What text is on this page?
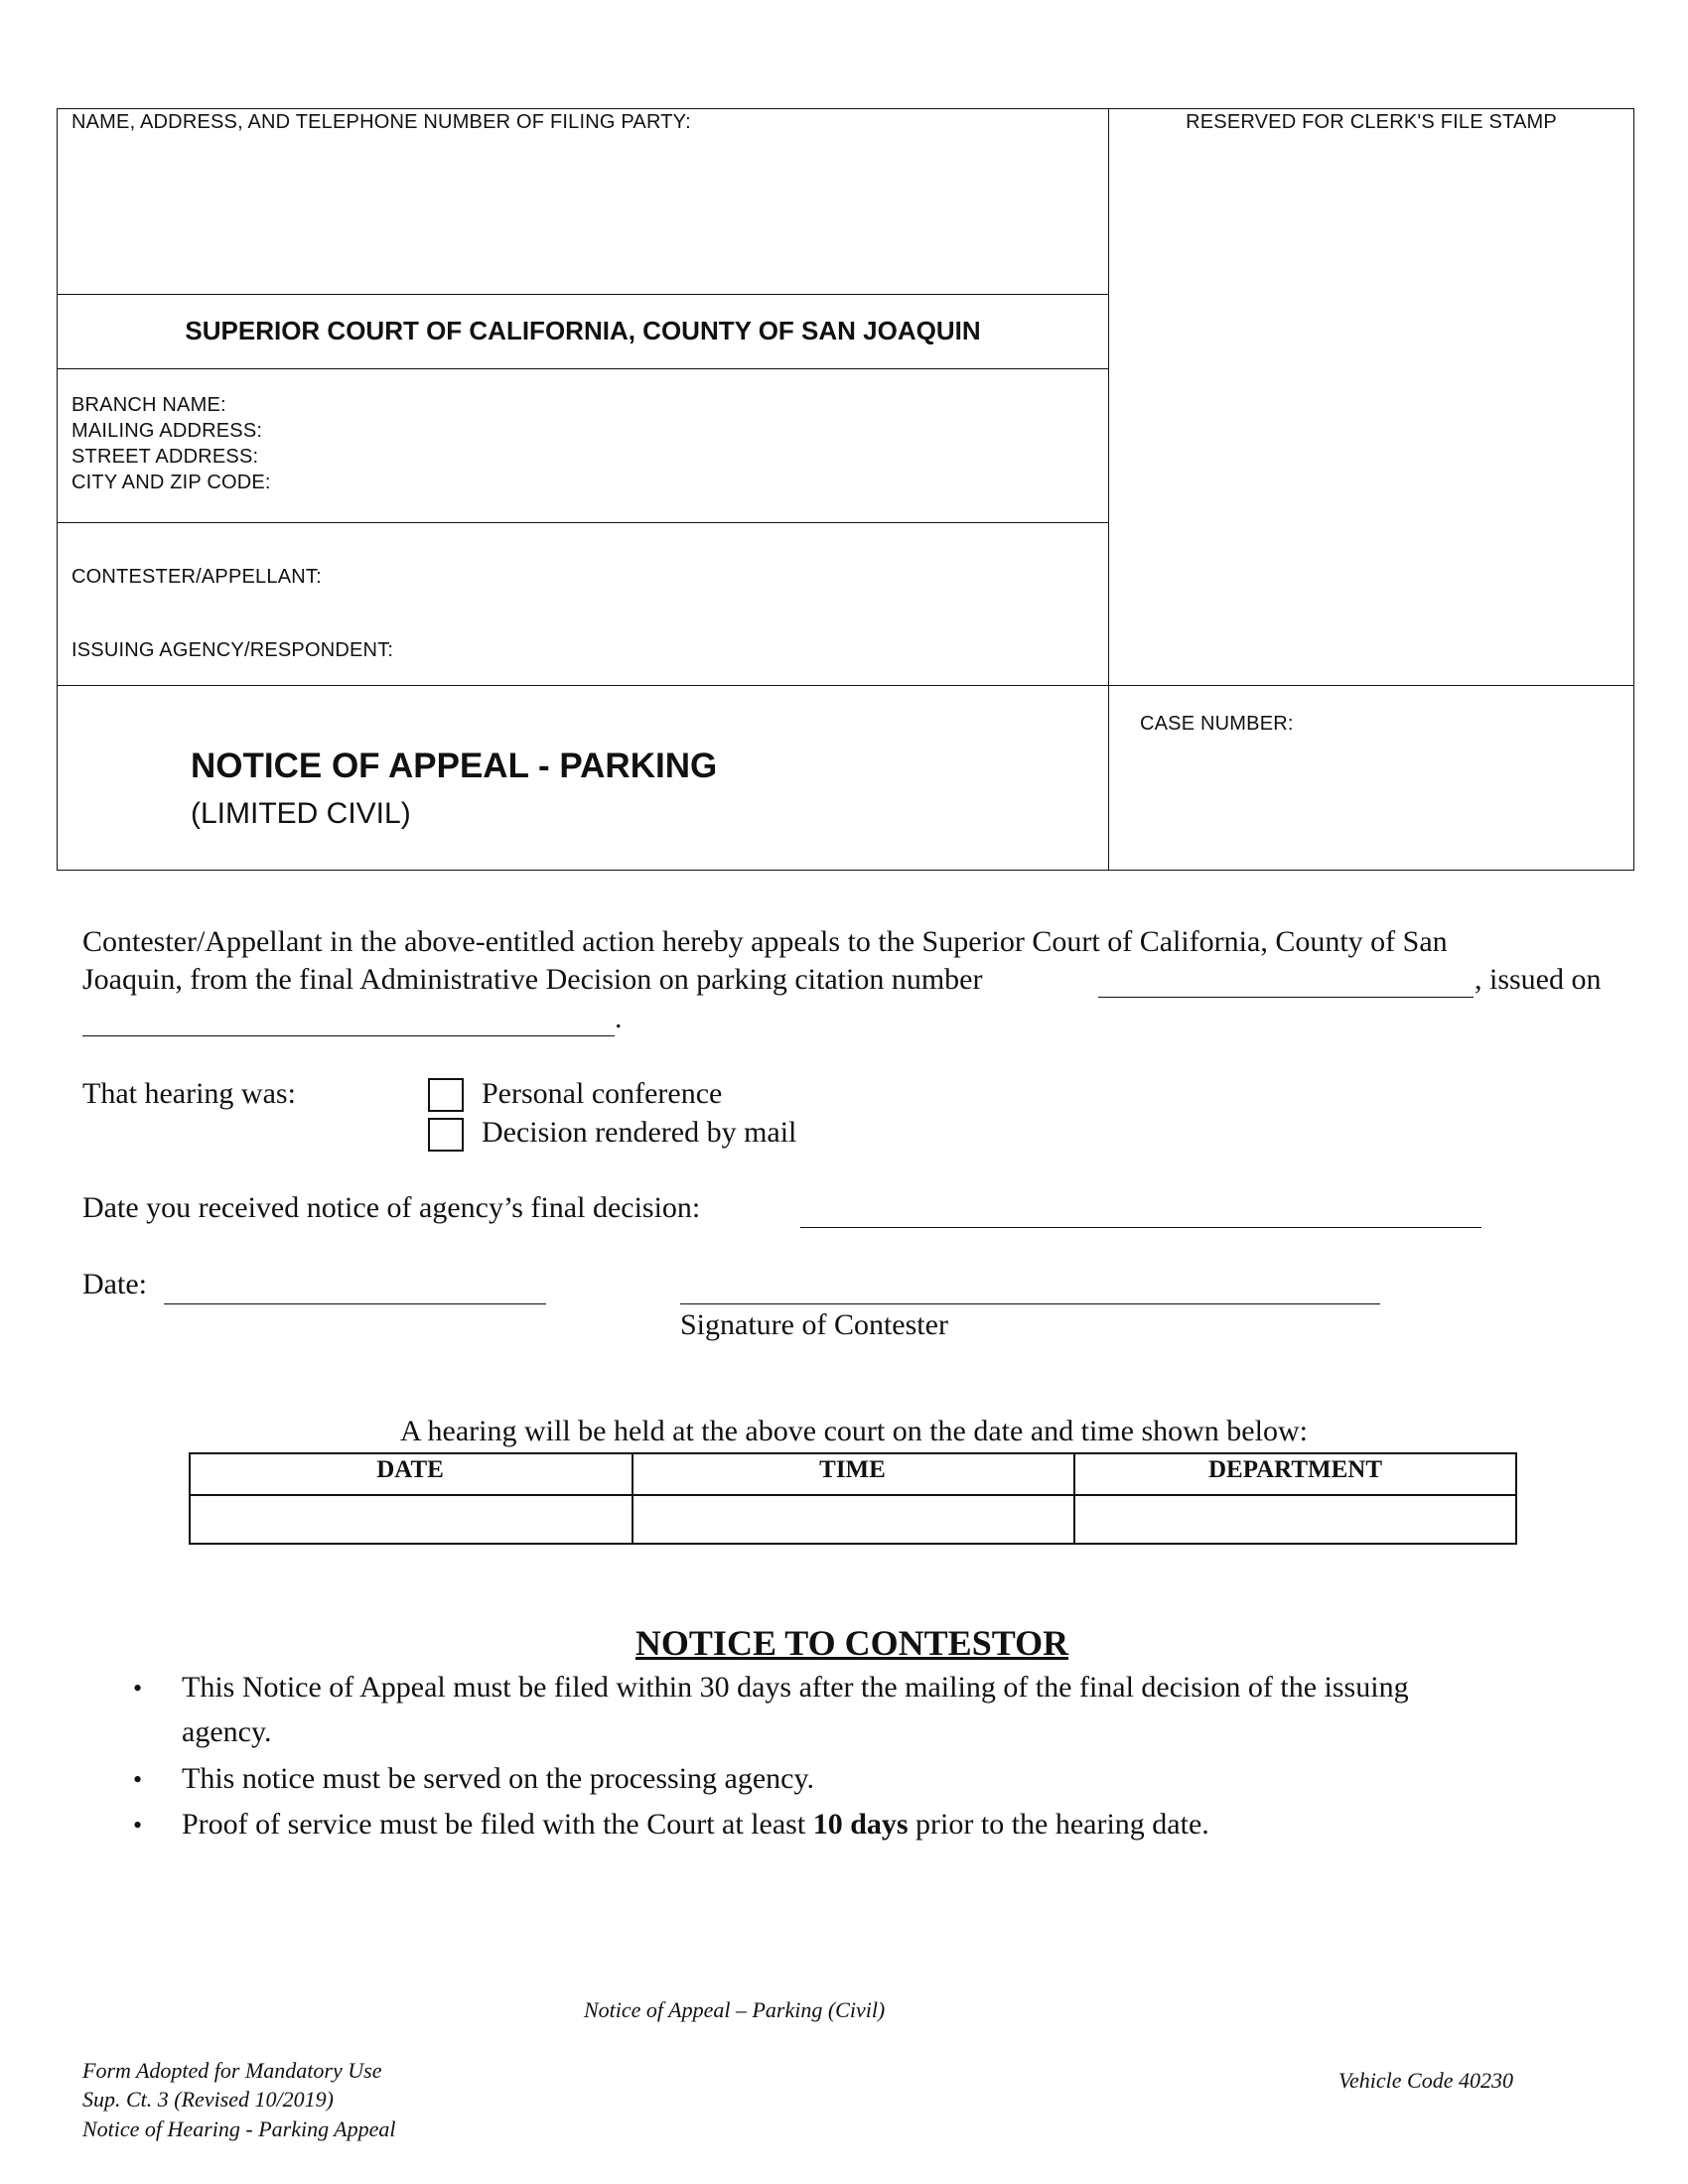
NAME, ADDRESS, AND TELEPHONE NUMBER OF FILING PARTY:	RESERVED FOR CLERK'S FILE STAMP
SUPERIOR COURT OF CALIFORNIA, COUNTY OF SAN JOAQUIN
BRANCH NAME:
MAILING ADDRESS:
STREET ADDRESS:
CITY AND ZIP CODE:
CONTESTER/APPELLANT:
ISSUING AGENCY/RESPONDENT:
NOTICE OF APPEAL - PARKING
(LIMITED CIVIL)
CASE NUMBER:
Contester/Appellant in the above-entitled action hereby appeals to the Superior Court of California, County of San
Joaquin, from the final Administrative Decision on parking citation number	, issued on
.
That hearing was:	Personal conference
Decision rendered by mail
Date you received notice of agency’s final decision:
Date:
Signature of Contester
A hearing will be held at the above court on the date and time shown below:
DATE	TIME	DEPARTMENT
NOTICE TO CONTESTOR
• This Notice of Appeal must be filed within 30 days after the mailing of the final decision of the issuing
agency.
• This notice must be served on the processing agency.
• Proof of service must be filed with the Court at least 10 days prior to the hearing date.
Notice of Appeal – Parking (Civil)
Form Adopted for Mandatory Use
Sup. Ct. 3 (Revised 10/2019)
Notice of Hearing - Parking Appeal
Vehicle Code 40230
